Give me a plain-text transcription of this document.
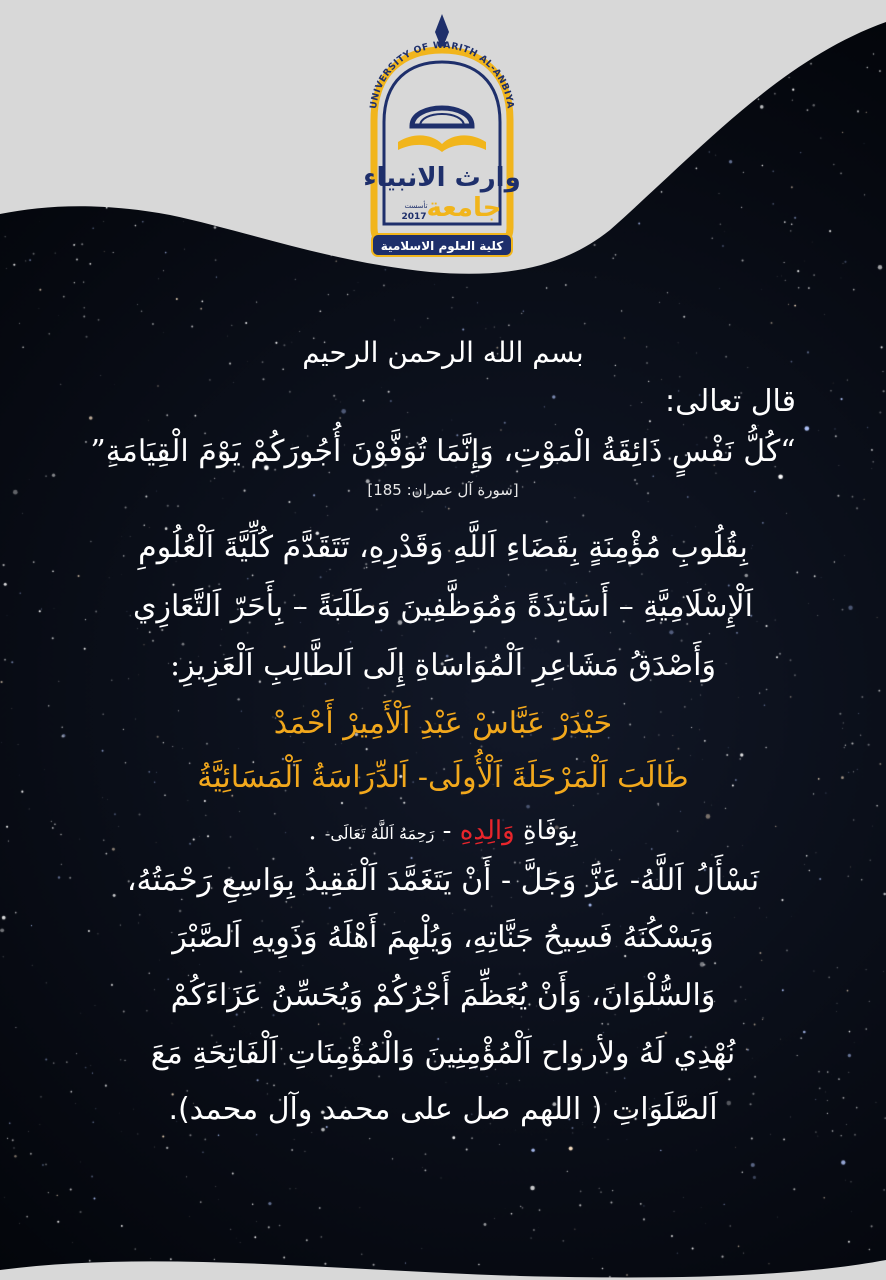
UNIVERSITY OF WARITH AL-ANBIYA
وارث الانبياء
جامعة
تأسست
2017
كلية العلوم الاسلامية
بسم الله الرحمن الرحيم
قال تعالى:
“كُلُّ نَفْسٍ ذَائِقَةُ الْمَوْتِ، وَإِنَّمَا تُوَفَّوْنَ أُجُورَكُمْ يَوْمَ الْقِيَامَةِ”
[سورة آل عمران: 185]
بِقُلُوبِ مُؤْمِنَةٍ بِقَضَاءِ اَللَّهِ وَقَدْرِهِ، تَتَقَدَّمَ كُلِّيَّةَ اَلْعُلُومِ
اَلْإِسْلَامِيَّةِ – أَسَاتِذَةً وَمُوَظَّفِينَ وَطَلَبَةً – بِأَحَرّ اَلتَّعَازِي
وَأَصْدَقُ مَشَاعِرِ اَلْمُوَاسَاةِ إِلَى اَلطَّالِبِ اَلْعَزِيزِ:
حَيْدَرْ عَبَّاسْ عَبْدِ اَلْأَمِيرْ أَحْمَدْ
طَالَبَ اَلْمَرْحَلَةَ اَلْأُولَى- اَلدِّرَاسَةُ اَلْمَسَائِيَّةُ
بِوَفَاةِ وَالِدِهِ - رَحِمَهُ اَللَّهُ تَعَالَى- .
نَسْأَلُ اَللَّهُ- عَزَّ وَجَلَّ - أَنْ يَتَغَمَّدَ اَلْفَقِيدُ بِوَاسِعِ رَحْمَتُهُ،
وَيَسْكُنَهُ فَسِيحُ جَنَّاتِهِ، وَيُلْهِمَ أَهْلَهُ وَذَوِيهِ اَلصَّبْرَ
وَالسُّلْوَانَ، وَأَنْ يُعَظِّمَ أَجْرُكُمْ وَيُحَسِّنُ عَزَاءَكُمْ
نُهْدِي لَهُ ولأرواح اَلْمُؤْمِنِينَ وَالْمُؤْمِنَاتِ اَلْفَاتِحَةِ مَعَ
اَلصَّلَوَاتِ ( اللهم صل على محمد وآل محمد).
